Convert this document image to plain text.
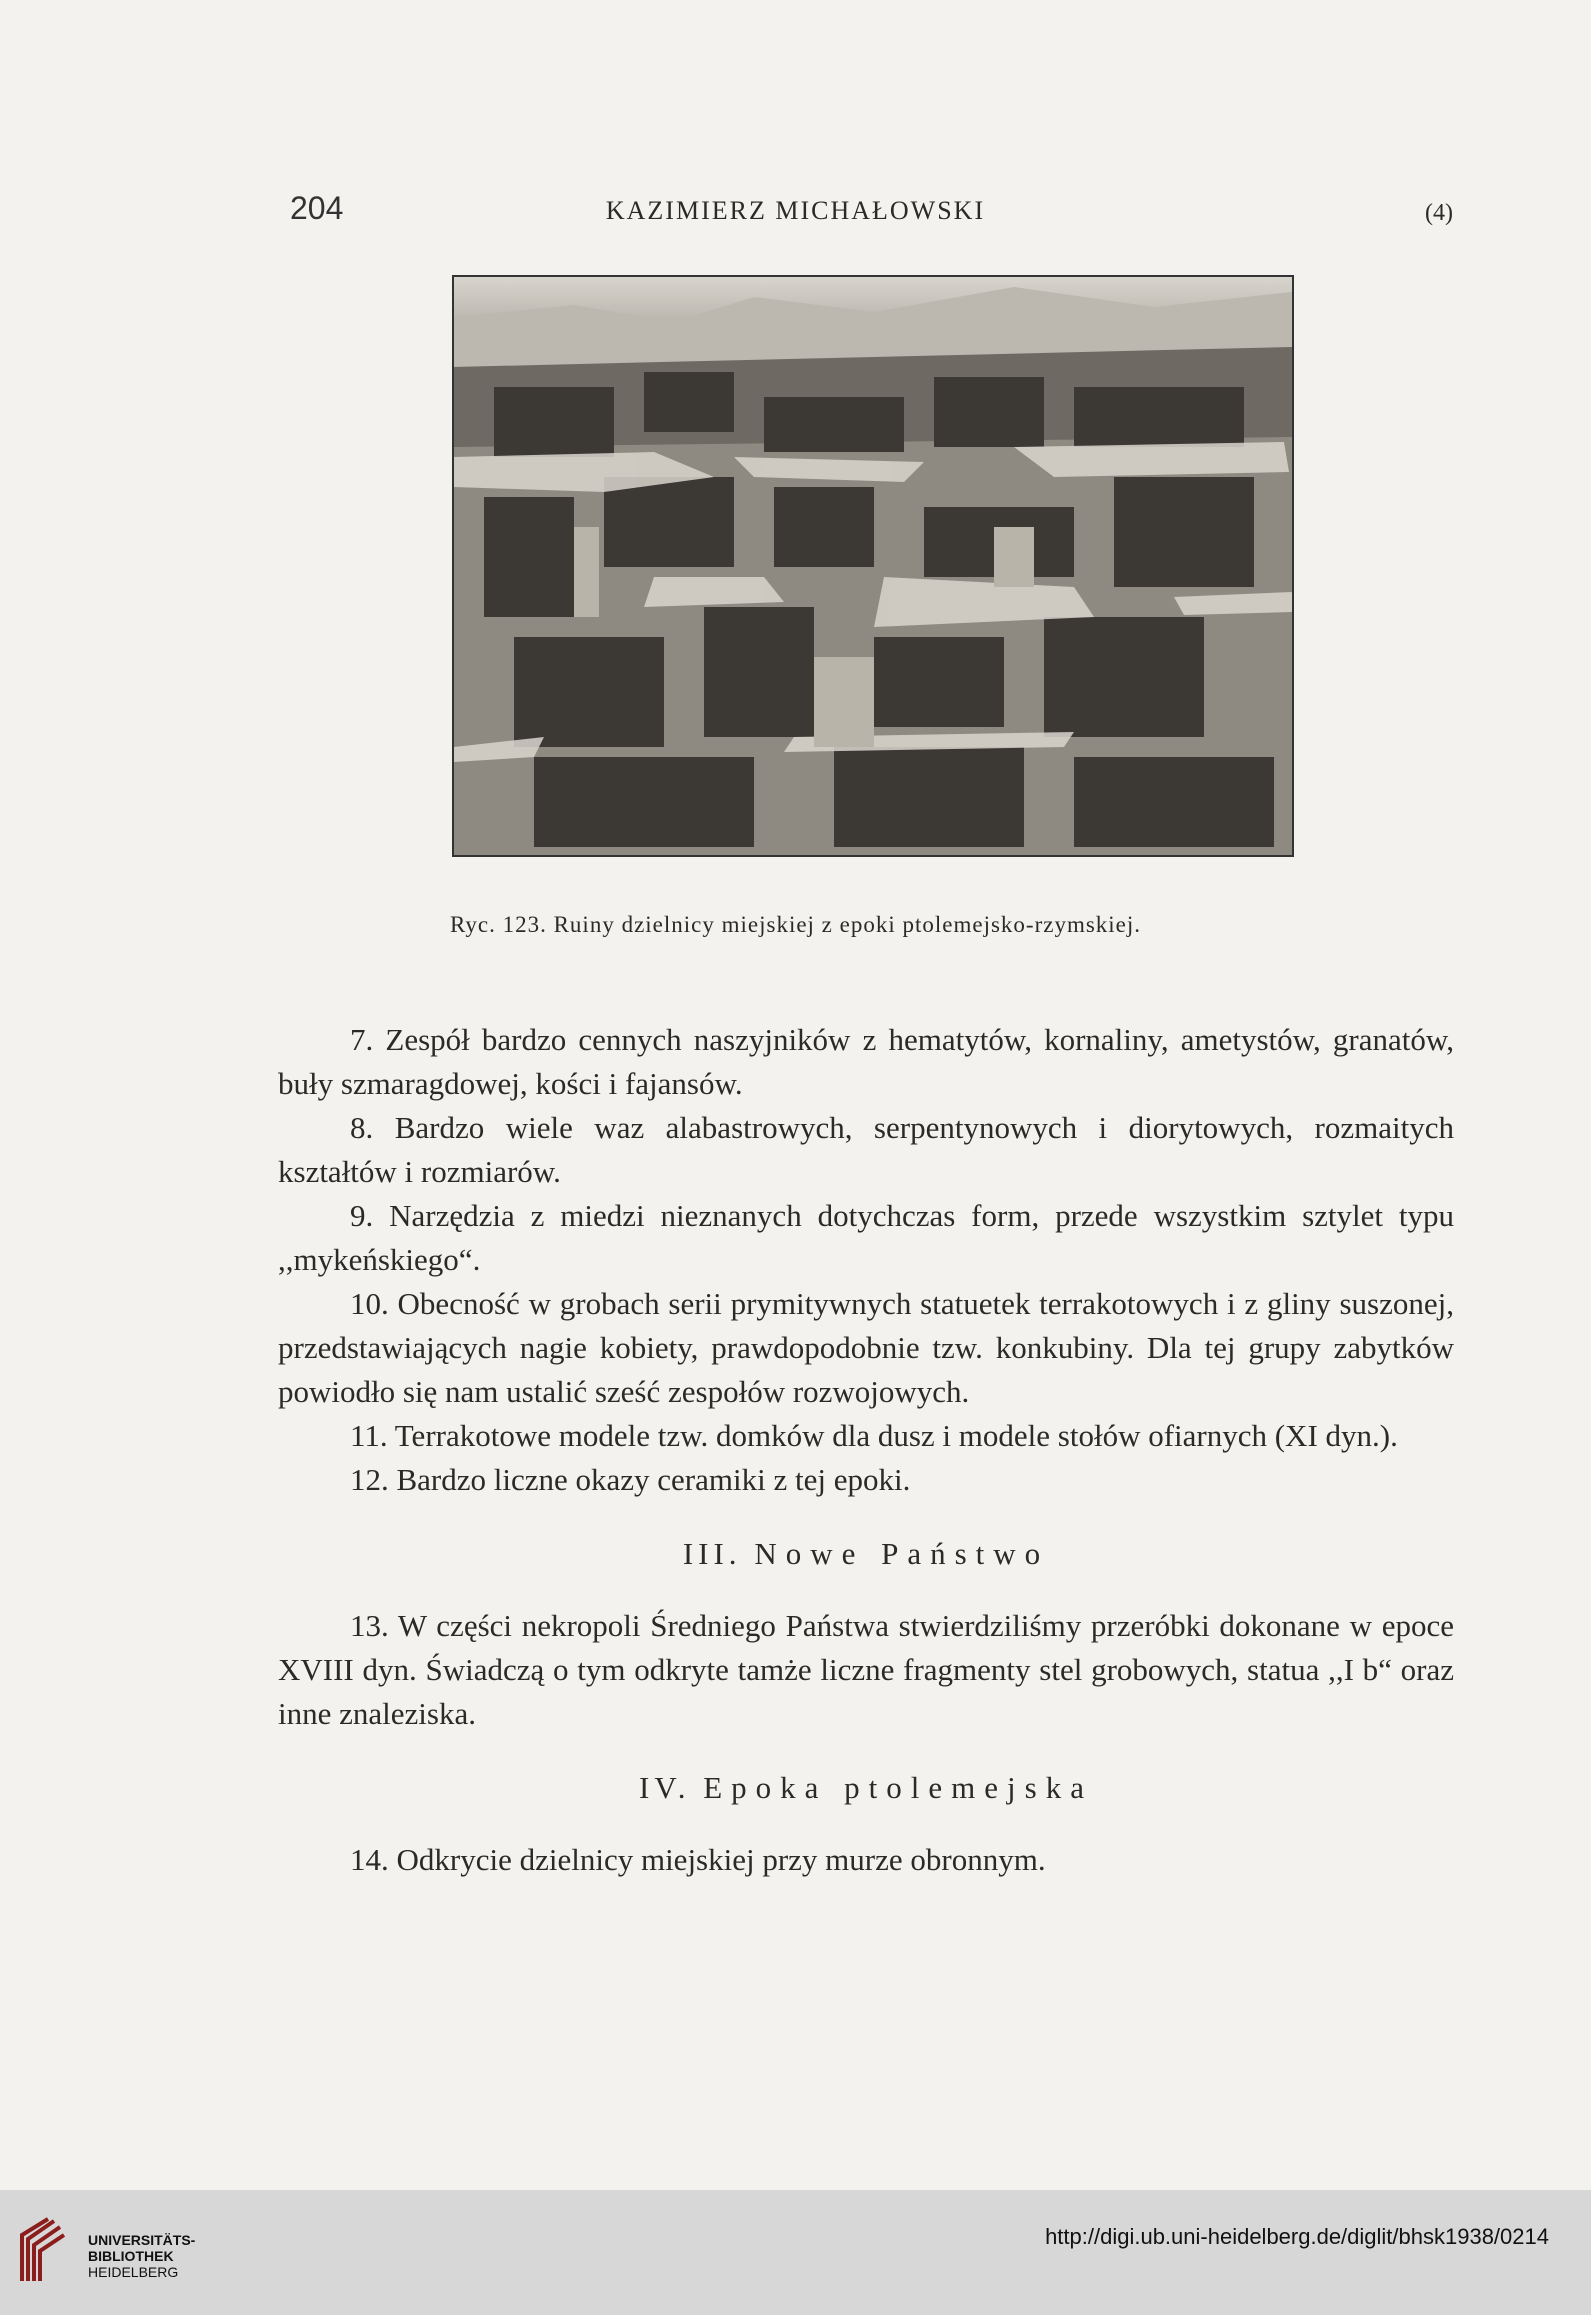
204	KAZIMIERZ MICHAŁOWSKI	(4)
Ryc. 123. Ruiny dzielnicy miejskiej z epoki ptolemejsko-rzymskiej.

7. Zespół bardzo cennych naszyjników z hematytów, kornaliny, ametystów, granatów, buły szmaragdowej, kości i fajansów.

8. Bardzo wiele waz alabastrowych, serpentynowych i diorytowych, rozmaitych kształtów i rozmiarów.

9. Narzędzia z miedzi nieznanych dotychczas form, przede wszystkim sztylet typu ,,mykeńskiego“.

10. Obecność w grobach serii prymitywnych statuetek terrakotowych i z gliny suszonej, przedstawiających nagie kobiety, prawdopodobnie tzw. konkubiny. Dla tej grupy zabytków powiodło się nam ustalić sześć zespołów rozwojowych.

11. Terrakotowe modele tzw. domków dla dusz i modele stołów ofiarnych (XI dyn.).

12. Bardzo liczne okazy ceramiki z tej epoki.

III. Nowe Państwo

13. W części nekropoli Średniego Państwa stwierdziliśmy przeróbki dokonane w epoce XVIII dyn. Świadczą o tym odkryte tamże liczne fragmenty stel grobowych, statua ,,I b“ oraz inne znaleziska.

IV. Epoka ptolemejska

14. Odkrycie dzielnicy miejskiej przy murze obronnym.

UNIVERSITÄTS-
BIBLIOTHEK
HEIDELBERG
http://digi.ub.uni-heidelberg.de/diglit/bhsk1938/0214
